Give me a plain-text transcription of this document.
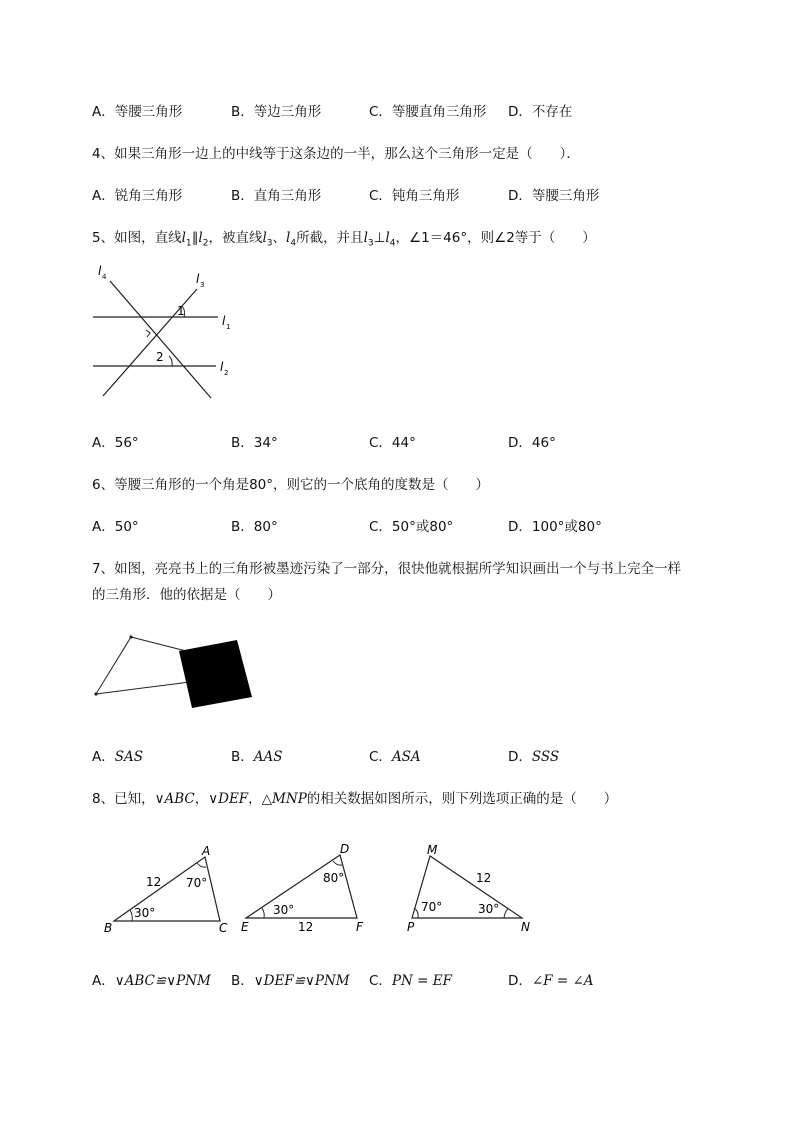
A．等腰三角形	B．等边三角形	C．等腰直角三角形 D．不存在
4、如果三角形一边上的中线等于这条边的一半，那么这个三角形一定是（　　）．
A．锐角三角形	B．直角三角形	C．钝角三角形	D．等腰三角形
5、如图，直线$l_1\parallel l_2$，被直线$l_3$、$l_4$所截，并且$l_3\perp l_4$，∠1＝46°，则∠2等于（　　）
l 4	l 3
l 1
l 2
1
2
A．56°	B．34°	C．44°	D．46°
6、等腰三角形的一个角是80°，则它的一个底角的度数是（　　）
A．50°	B．80°	C．50°或80°	D．100°或80°
7、如图，亮亮书上的三角形被墨迹污染了一部分，很快他就根据所学知识画出一个与书上完全一样
的三角形．他的依据是（　　）
A．SAS	B．AAS	C．ASA	D．SSS
8、已知，∨ABC，∨DEF，△MNP的相关数据如图所示，则下列选项正确的是（　　）
A
B	C
12 70°
30°
D
E	F
80°
30°
12
M
P	N
12
70°	30°
A．∨ABC≌∨PNM B．∨DEF≌∨PNM C．PN = EF	D．∠F = ∠A
